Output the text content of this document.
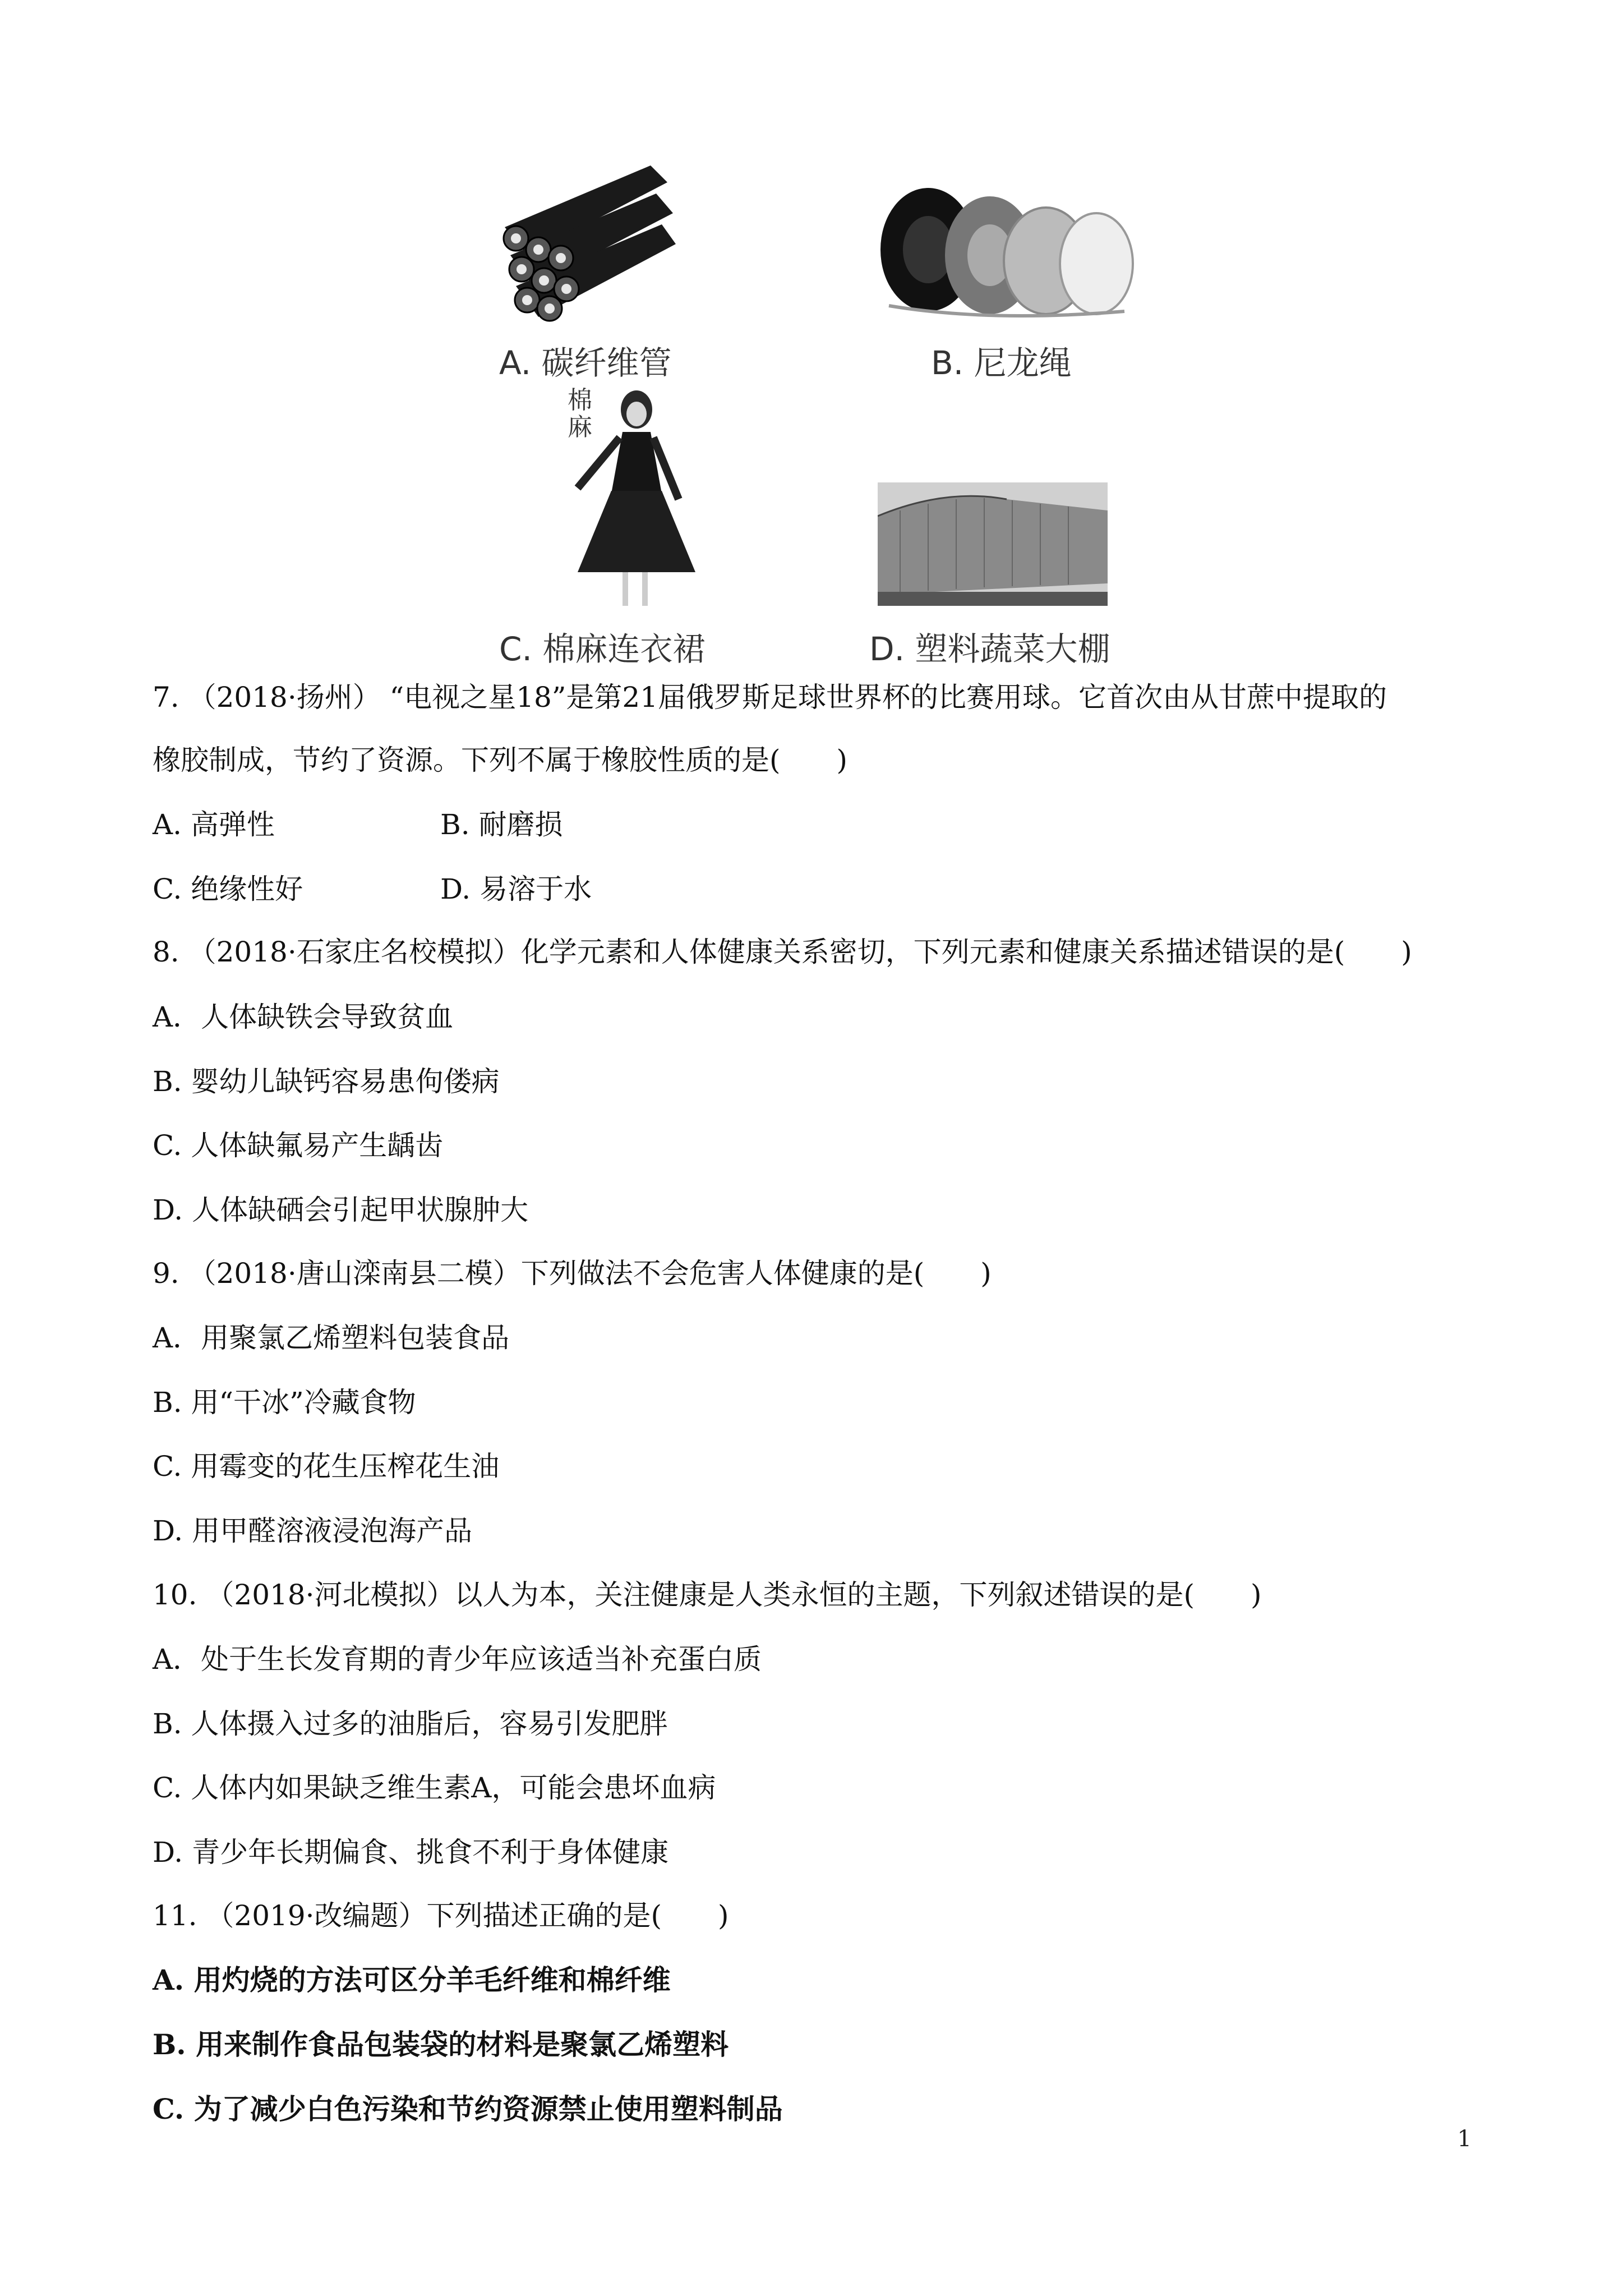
A. 碳纤维管	B. 尼龙绳
棉
麻
C. 棉麻连衣裙	D. 塑料蔬菜大棚
7. （2018·扬州） “电视之星18”是第21届俄罗斯足球世界杯的比赛用球。它首次由从甘蔗中提取的
橡胶制成，节约了资源。下列不属于橡胶性质的是(　　)
A. 高弹性	B. 耐磨损
C. 绝缘性好	D. 易溶于水
8. （2018·石家庄名校模拟）化学元素和人体健康关系密切，下列元素和健康关系描述错误的是(　　)
A．人体缺铁会导致贫血
B. 婴幼儿缺钙容易患佝偻病
C. 人体缺氟易产生龋齿
D. 人体缺硒会引起甲状腺肿大
9. （2018·唐山滦南县二模）下列做法不会危害人体健康的是(　　)
A．用聚氯乙烯塑料包装食品
B. 用“干冰”冷藏食物
C. 用霉变的花生压榨花生油
D. 用甲醛溶液浸泡海产品
10. （2018·河北模拟）以人为本，关注健康是人类永恒的主题，下列叙述错误的是(　　)
A．处于生长发育期的青少年应该适当补充蛋白质
B. 人体摄入过多的油脂后，容易引发肥胖
C. 人体内如果缺乏维生素A，可能会患坏血病
D. 青少年长期偏食、挑食不利于身体健康
11. （2019·改编题）下列描述正确的是(　　)
A. 用灼烧的方法可区分羊毛纤维和棉纤维
B. 用来制作食品包装袋的材料是聚氯乙烯塑料
C. 为了减少白色污染和节约资源禁止使用塑料制品
1
